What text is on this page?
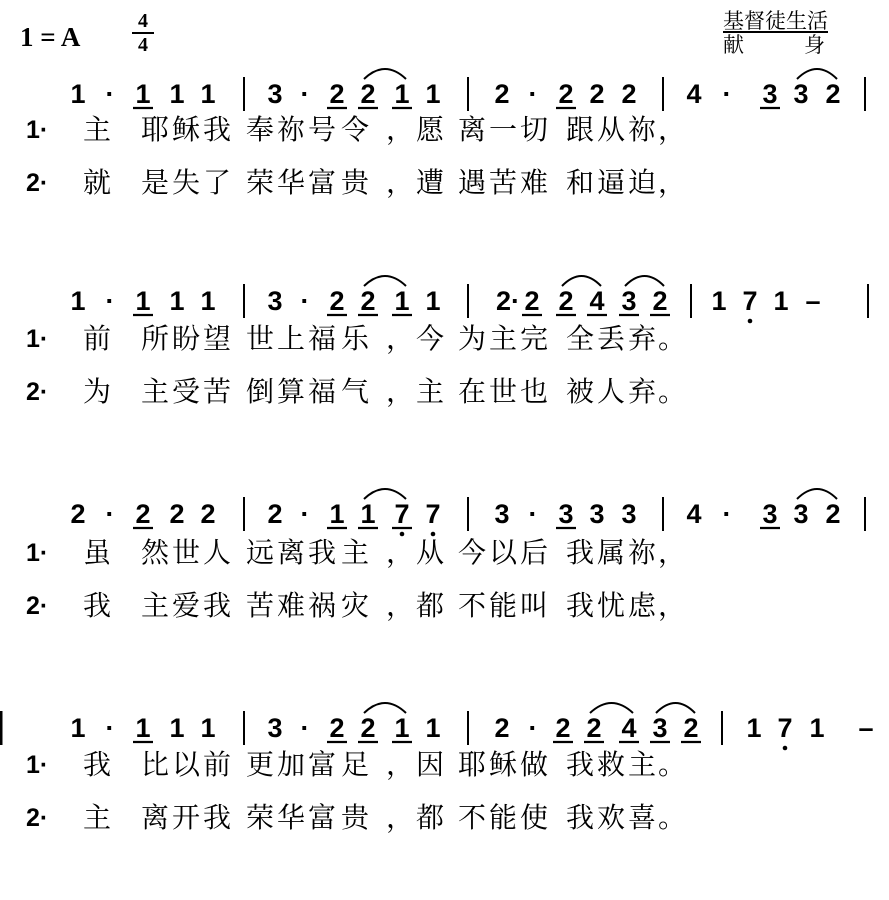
1 = A
4
4
基督徒生活
献身
1 · 1 1 1 3 · 2 2 1 1 2 · 2 2 2 4 · 3 3 2
1 · 1 1 1 3 · 2 2 1 1 2· 2 2 4 3 2 1 7 1 –
2 · 2 2 2 2 · 1 1 7 7 3 · 3 3 3 4 · 3 3 2
1 · 1 1 1 3 · 2 2 1 1 2 · 2 2 4 3 2 1 7 1 –
1· 主 耶 稣 我 奉 祢 号 令 ， 愿 离 一 切 跟 从 祢 ，
2· 就 是 失 了 荣 华 富 贵 ， 遭 遇 苦 难 和 逼 迫 ，
1· 前 所 盼 望 世 上 福 乐 ， 今 为 主 完 全 丢 弃 。
2· 为 主 受 苦 倒 算 福 气 ， 主 在 世 也 被 人 弃 。
1· 虽 然 世 人 远 离 我 主 ， 从 今 以 后 我 属 祢 ，
2· 我 主 爱 我 苦 难 祸 灾 ， 都 不 能 叫 我 忧 虑 ，
1· 我 比 以 前 更 加 富 足 ， 因 耶 稣 做 我 救 主 。
2· 主 离 开 我 荣 华 富 贵 ， 都 不 能 使 我 欢 喜 。
